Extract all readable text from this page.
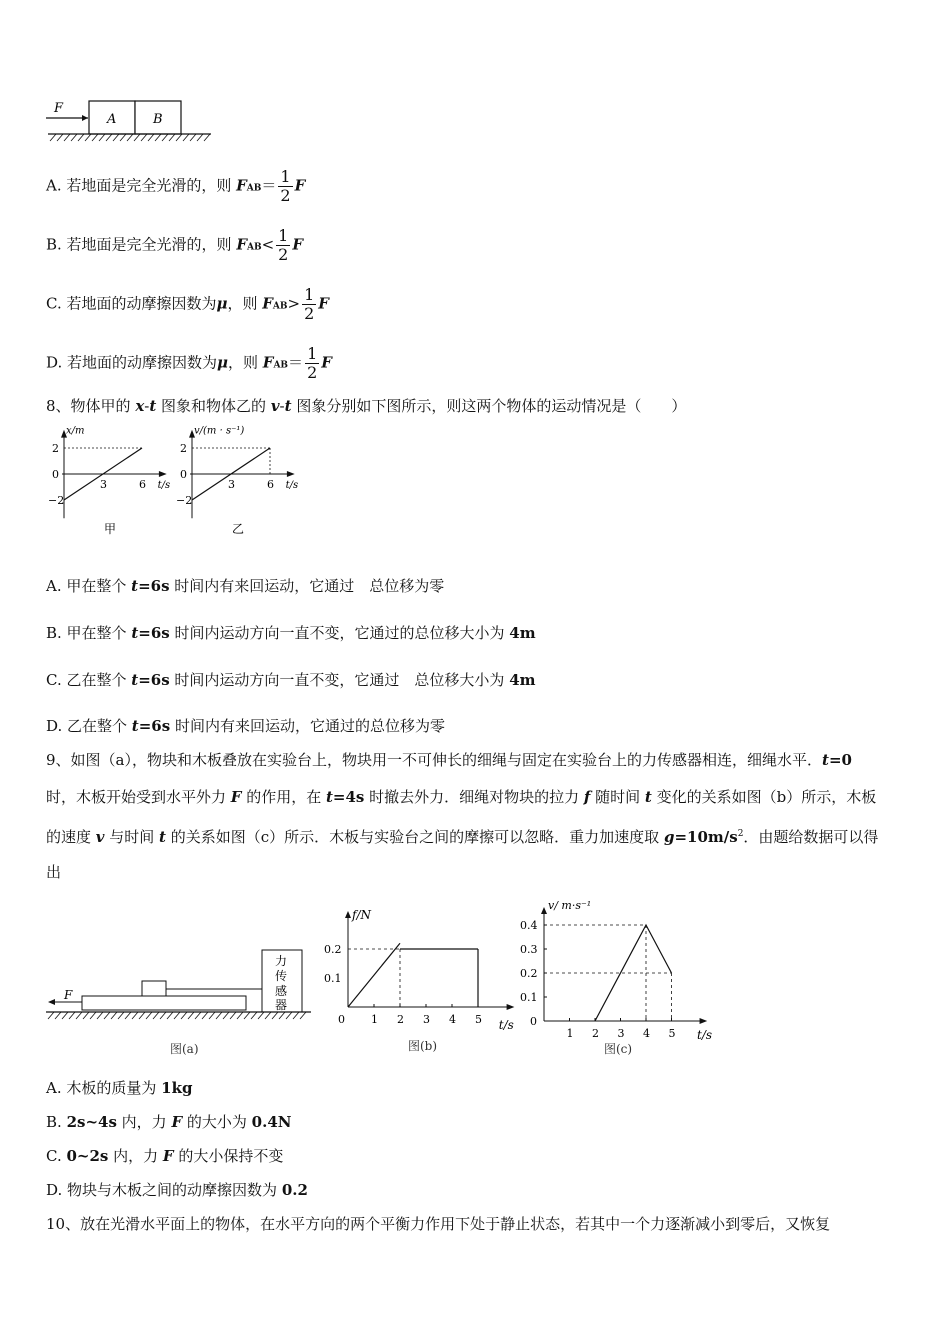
F
A	B
A. 若地面是完全光滑的，则 $FAB= \frac{1}{2}$ F
B. 若地面是完全光滑的，则 $FAB< \frac{1}{2}$ F
C. 若地面的动摩擦因数为μ，则 $FAB> \frac{1}{2}$ F
D. 若地面的动摩擦因数为μ，则 $FAB= \frac{1}{2}$ F
8、物体甲的 x-t 图象和物体乙的 v-t 图象分别如下图所示，则这两个物体的运动情况是（　　）
x/m
t/s
2
0
−2
3	6
甲
v/(m · s⁻¹)
t/s
2
0
−2
3	6
乙
A. 甲在整个 t=6s 时间内有来回运动，它通过　总位移为零
B. 甲在整个 t=6s 时间内运动方向一直不变，它通过的总位移大小为 4m
C. 乙在整个 t=6s 时间内运动方向一直不变，它通过　总位移大小为 4m
D. 乙在整个 t=6s 时间内有来回运动，它通过的总位移为零
9、如图（a），物块和木板叠放在实验台上，物块用一不可伸长的细绳与固定在实验台上的力传感器相连，细绳水平．t=0
时，木板开始受到水平外力 F 的作用，在 t=4s 时撤去外力．细绳对物块的拉力 f 随时间 t 变化的关系如图（b）所示，木板
的速度 v 与时间 t 的关系如图（c）所示．木板与实验台之间的摩擦可以忽略．重力加速度取 $g=10m/s^2$．由题给数据可以得
出
力
传
感
器
F
图(a)
f/N
t/s
0.2
0.1
0 1 2 3 4 5
图(b)
v/ m·s⁻¹
t/s
0.4
0.3
0.2
0.1
0
1 2 3 4 5
图(c)
A. 木板的质量为 1kg
B. 2s~4s 内，力 F 的大小为 0.4N
C. 0~2s 内，力 F 的大小保持不变
D. 物块与木板之间的动摩擦因数为 0.2
10、放在光滑水平面上的物体，在水平方向的两个平衡力作用下处于静止状态，若其中一个力逐渐减小到零后，又恢复
